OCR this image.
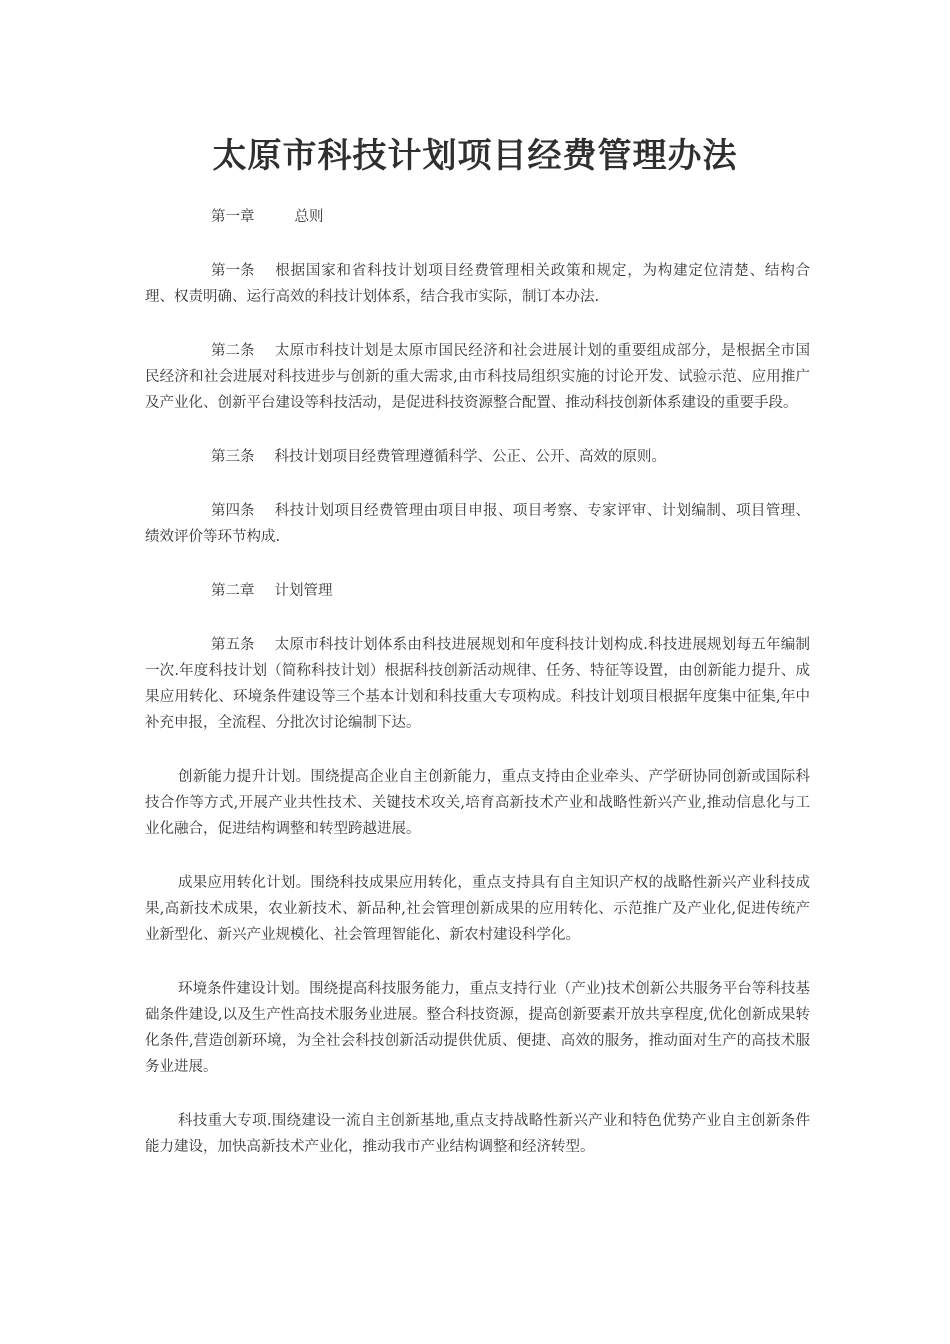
太原市科技计划项目经费管理办法

第一章	总则

第一条 根据国家和省科技计划项目经费管理相关政策和规定，为构建定位清楚、结构合理、权责明确、运行高效的科技计划体系，结合我市实际，制订本办法.

第二条 太原市科技计划是太原市国民经济和社会进展计划的重要组成部分，是根据全市国民经济和社会进展对科技进步与创新的重大需求,由市科技局组织实施的讨论开发、试验示范、应用推广及产业化、创新平台建设等科技活动，是促进科技资源整合配置、推动科技创新体系建设的重要手段。

第三条 科技计划项目经费管理遵循科学、公正、公开、高效的原则。

第四条 科技计划项目经费管理由项目申报、项目考察、专家评审、计划编制、项目管理、绩效评价等环节构成.

第二章 计划管理

第五条 太原市科技计划体系由科技进展规划和年度科技计划构成.科技进展规划每五年编制一次.年度科技计划（简称科技计划）根据科技创新活动规律、任务、特征等设置，由创新能力提升、成果应用转化、环境条件建设等三个基本计划和科技重大专项构成。科技计划项目根据年度集中征集,年中补充申报，全流程、分批次讨论编制下达。

创新能力提升计划。围绕提高企业自主创新能力，重点支持由企业牵头、产学研协同创新或国际科技合作等方式,开展产业共性技术、关键技术攻关,培育高新技术产业和战略性新兴产业,推动信息化与工业化融合，促进结构调整和转型跨越进展。

成果应用转化计划。围绕科技成果应用转化，重点支持具有自主知识产权的战略性新兴产业科技成果,高新技术成果，农业新技术、新品种,社会管理创新成果的应用转化、示范推广及产业化,促进传统产业新型化、新兴产业规模化、社会管理智能化、新农村建设科学化。

环境条件建设计划。围绕提高科技服务能力，重点支持行业（产业)技术创新公共服务平台等科技基础条件建设,以及生产性高技术服务业进展。整合科技资源，提高创新要素开放共享程度,优化创新成果转化条件,营造创新环境，为全社会科技创新活动提供优质、便捷、高效的服务，推动面对生产的高技术服务业进展。

科技重大专项.围绕建设一流自主创新基地,重点支持战略性新兴产业和特色优势产业自主创新条件能力建设，加快高新技术产业化，推动我市产业结构调整和经济转型。
